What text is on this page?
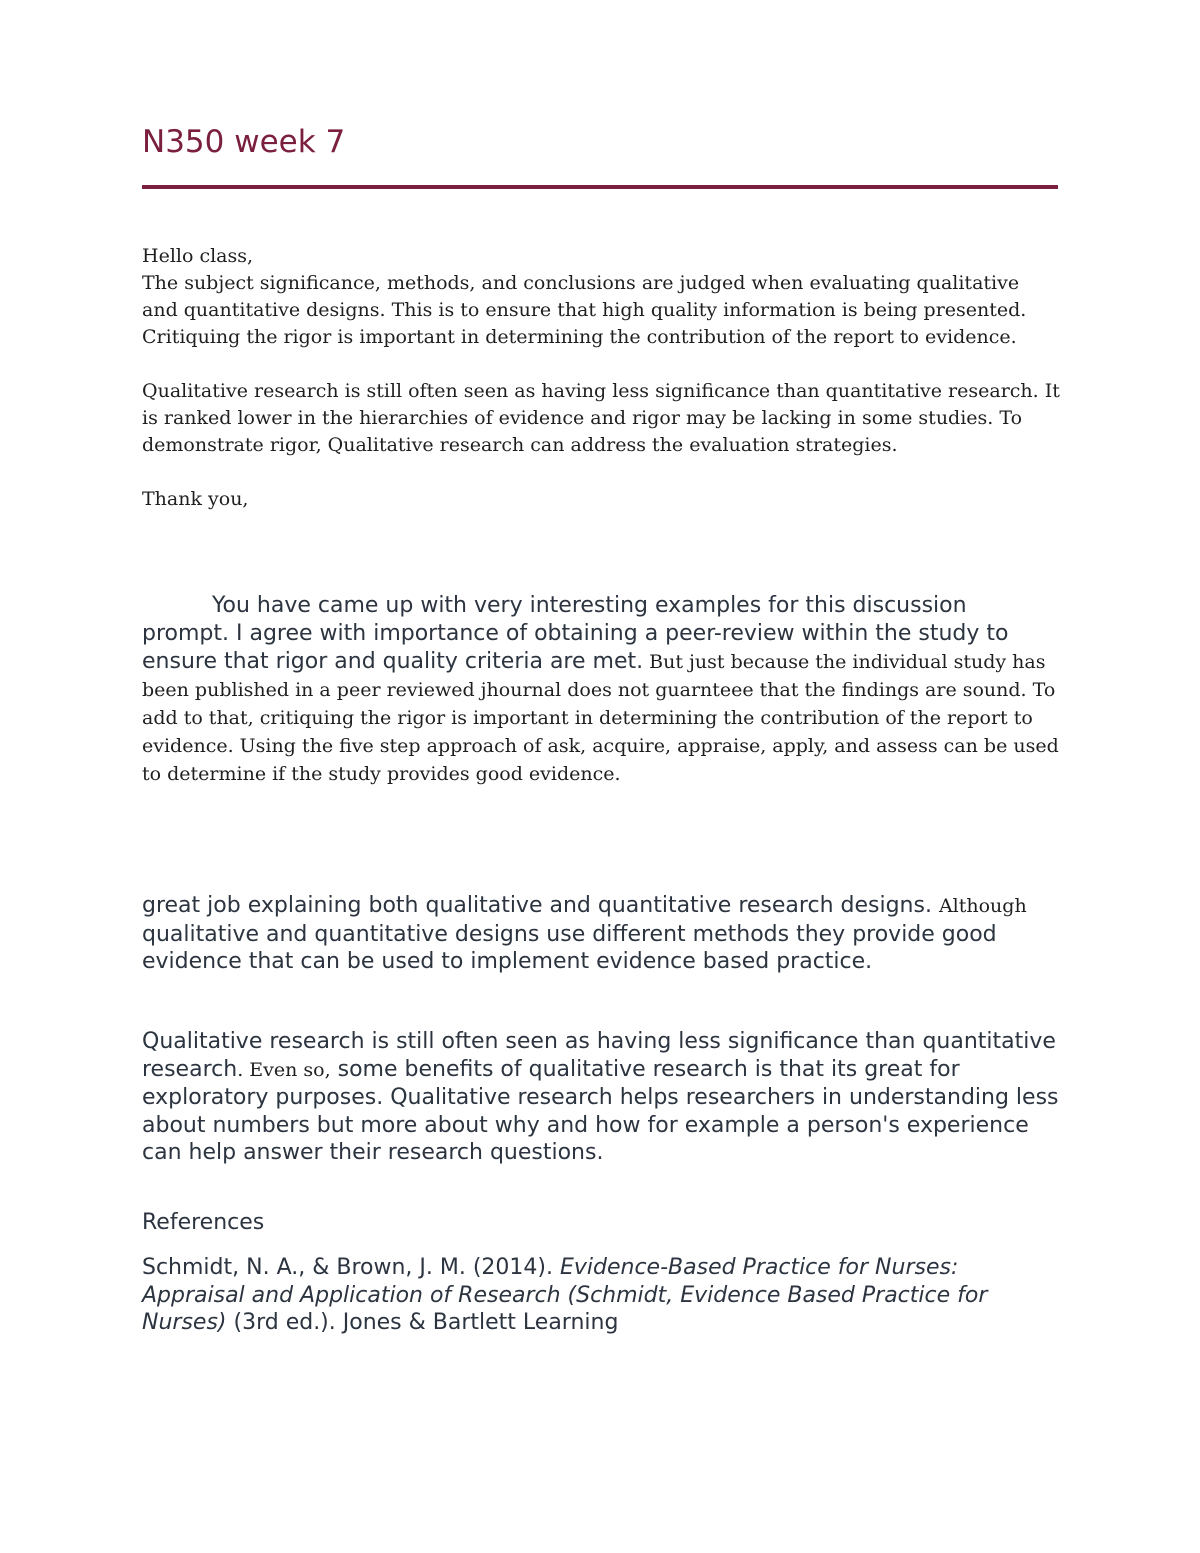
N350 week 7

Hello class,

The subject significance, methods, and conclusions are judged when evaluating qualitative and quantitative designs. This is to ensure that high quality information is being presented. Critiquing the rigor is important in determining the contribution of the report to evidence.

Qualitative research is still often seen as having less significance than quantitative research. It is ranked lower in the hierarchies of evidence and rigor may be lacking in some studies. To demonstrate rigor, Qualitative research can address the evaluation strategies.

Thank you,

You have came up with very interesting examples for this discussion prompt. I agree with importance of obtaining a peer-review within the study to ensure that rigor and quality criteria are met. But just because the individual study has been published in a peer reviewed jhournal does not guarnteee that the findings are sound. To add to that, critiquing the rigor is important in determining the contribution of the report to evidence. Using the five step approach of ask, acquire, appraise, apply, and assess can be used to determine if the study provides good evidence.

great job explaining both qualitative and quantitative research designs. Although qualitative and quantitative designs use different methods they provide good evidence that can be used to implement evidence based practice.

Qualitative research is still often seen as having less significance than quantitative research. Even so, some benefits of qualitative research is that its great for exploratory purposes. Qualitative research helps researchers in understanding less about numbers but more about why and how for example a person's experience can help answer their research questions.

References

Schmidt, N. A., & Brown, J. M. (2014). Evidence-Based Practice for Nurses: Appraisal and Application of Research (Schmidt, Evidence Based Practice for Nurses) (3rd ed.). Jones & Bartlett Learning
